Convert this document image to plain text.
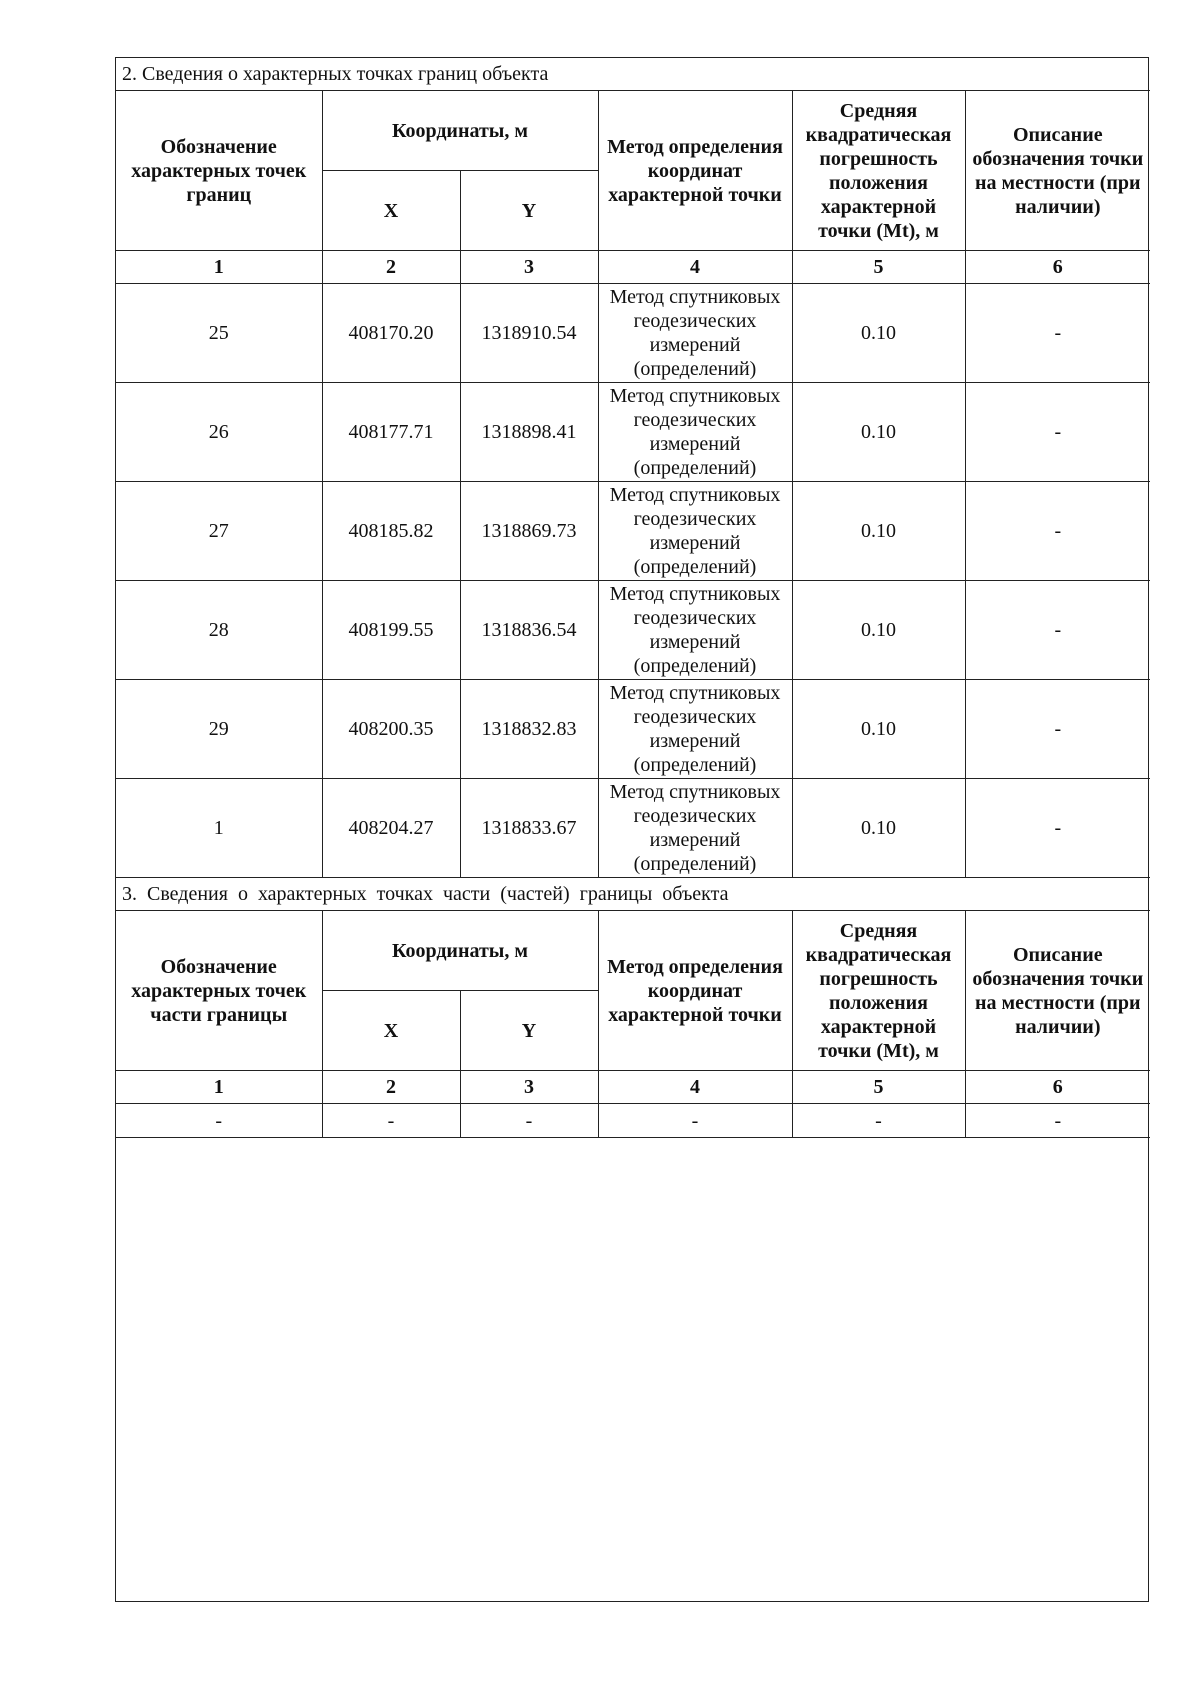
2. Сведения о характерных точках границ объекта					
Обозначение характерных точек границ	Координаты, м		Метод определения координат характерной точки	Средняя квадратическая погрешность положения характерной точки (Mt), м	Описание обозначения точки на местности (при наличии)
	X	Y			
1	2	3	4	5	6
25	408170.20	1318910.54	Метод спутниковых геодезических измерений (определений)	0.10	-
26	408177.71	1318898.41	Метод спутниковых геодезических измерений (определений)	0.10	-
27	408185.82	1318869.73	Метод спутниковых геодезических измерений (определений)	0.10	-
28	408199.55	1318836.54	Метод спутниковых геодезических измерений (определений)	0.10	-
29	408200.35	1318832.83	Метод спутниковых геодезических измерений (определений)	0.10	-
1	408204.27	1318833.67	Метод спутниковых геодезических измерений (определений)	0.10	-
3. Сведения о характерных точках части (частей) границы объекта					
Обозначение характерных точек части границы	Координаты, м		Метод определения координат характерной точки	Средняя квадратическая погрешность положения характерной точки (Mt), м	Описание обозначения точки на местности (при наличии)
	X	Y			
1	2	3	4	5	6
-	-	-	-	-	-
